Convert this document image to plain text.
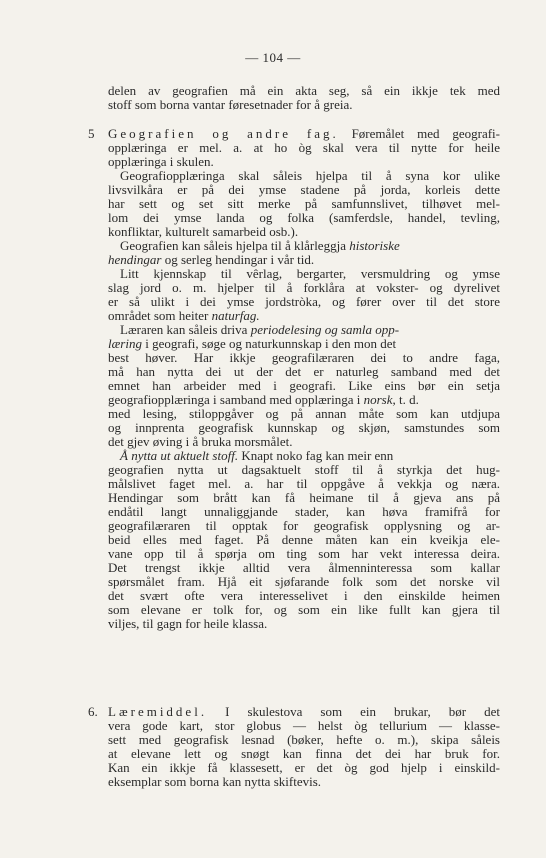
— 104 —
delen av geografien må ein akta seg, så ein ikkje tek med
stoff som borna vantar føresetnader for å greia.
5 Geografien og andre fag. Føremålet med geografi-
opplæringa er mel. a. at ho òg skal vera til nytte for heile
opplæringa i skulen.
Geografiopplæringa skal såleis hjelpa til å syna kor ulike
livsvilkåra er på dei ymse stadene på jorda, korleis dette
har sett og set sitt merke på samfunnslivet, tilhøvet mel-
lom dei ymse landa og folka (samferdsle, handel, tevling,
konfliktar, kulturelt samarbeid osb.).
Geografien kan såleis hjelpa til å klårleggja historiske
hendingar og serleg hendingar i vår tid.
Litt kjennskap til vêrlag, bergarter, versmuldring og ymse
slag jord o. m. hjelper til å forklåra at vokster- og dyrelivet
er så ulikt i dei ymse jordstròka, og fører over til det store
området som heiter naturfag.
Læraren kan såleis driva periodelesing og samla opp-
læring i geografi, søge og naturkunnskap i den mon det
best høver. Har ikkje geografilæraren dei to andre faga,
må han nytta dei ut der det er naturleg samband med det
emnet han arbeider med i geografi. Like eins bør ein setja
geografiopplæringa i samband med opplæringa i norsk, t. d.
med lesing, stiloppgåver og på annan måte som kan utdjupa
og innprenta geografisk kunnskap og skjøn, samstundes som
det gjev øving i å bruka morsmålet.
Å nytta ut aktuelt stoff. Knapt noko fag kan meir enn
geografien nytta ut dagsaktuelt stoff til å styrkja det hug-
målslivet faget mel. a. har til oppgåve å vekkja og næra.
Hendingar som brått kan få heimane til å gjeva ans på
endåtil langt unnaliggjande stader, kan høva framifrå for
geografilæraren til opptak for geografisk opplysning og ar-
beid elles med faget. På denne måten kan ein kveikja ele-
vane opp til å spørja om ting som har vekt interessa deira.
Det trengst ikkje alltid vera ålmenninteressa som kallar
spørsmålet fram. Hjå eit sjøfarande folk som det norske vil
det svært ofte vera interesselivet i den einskilde heimen
som elevane er tolk for, og som ein like fullt kan gjera til
viljes, til gagn for heile klassa.
6. Læremiddel. I skulestova som ein brukar, bør det
vera gode kart, stor globus — helst òg tellurium — klasse-
sett med geografisk lesnad (bøker, hefte o. m.), skipa såleis
at elevane lett og snøgt kan finna det dei har bruk for.
Kan ein ikkje få klassesett, er det òg god hjelp i einskild-
eksemplar som borna kan nytta skiftevis.
